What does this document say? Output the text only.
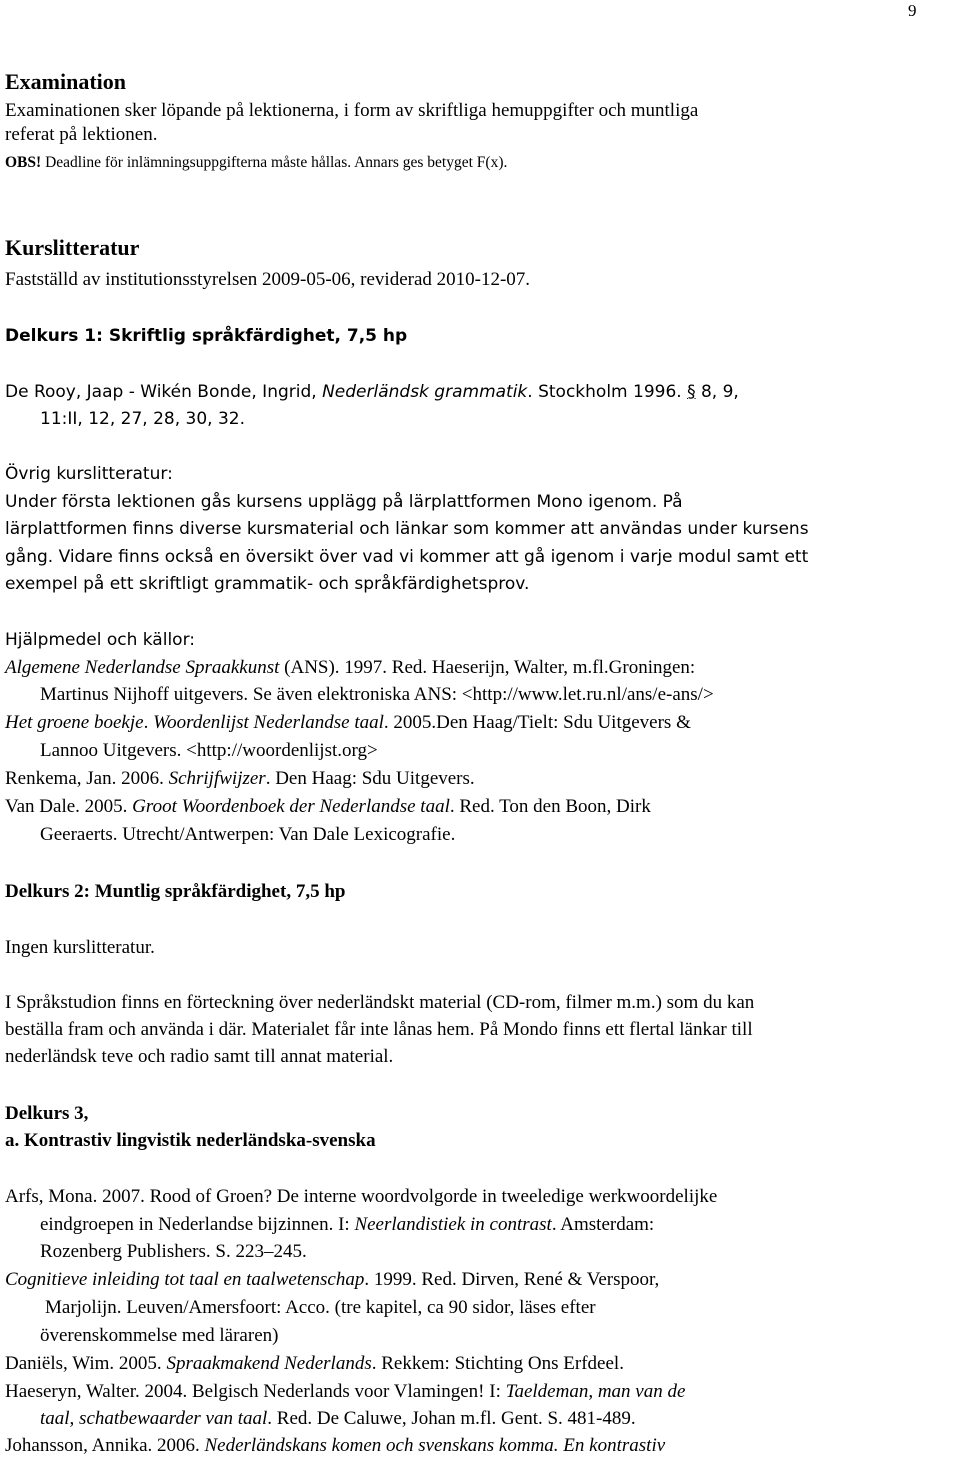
9
Examination
Examinationen sker löpande på lektionerna, i form av skriftliga hemuppgifter och muntliga
referat på lektionen.
OBS! Deadline för inlämningsuppgifterna måste hållas. Annars ges betyget F(x).
Kurslitteratur
Fastställd av institutionsstyrelsen 2009-05-06, reviderad 2010-12-07.
Delkurs 1: Skriftlig språkfärdighet, 7,5 hp
De Rooy, Jaap - Wikén Bonde, Ingrid, Nederländsk grammatik. Stockholm 1996. § 8, 9,
11:II, 12, 27, 28, 30, 32.
Övrig kurslitteratur:
Under första lektionen gås kursens upplägg på lärplattformen Mono igenom. På
lärplattformen finns diverse kursmaterial och länkar som kommer att användas under kursens
gång. Vidare finns också en översikt över vad vi kommer att gå igenom i varje modul samt ett
exempel på ett skriftligt grammatik- och språkfärdighetsprov.
Hjälpmedel och källor:
Algemene Nederlandse Spraakkunst (ANS). 1997. Red. Haeserijn, Walter, m.fl.Groningen:
Martinus Nijhoff uitgevers. Se även elektroniska ANS: <http://www.let.ru.nl/ans/e-ans/>
Het groene boekje. Woordenlijst Nederlandse taal. 2005.Den Haag/Tielt: Sdu Uitgevers &
Lannoo Uitgevers. <http://woordenlijst.org>
Renkema, Jan. 2006. Schrijfwijzer. Den Haag: Sdu Uitgevers.
Van Dale. 2005. Groot Woordenboek der Nederlandse taal. Red. Ton den Boon, Dirk
Geeraerts. Utrecht/Antwerpen: Van Dale Lexicografie.
Delkurs 2: Muntlig språkfärdighet, 7,5 hp
Ingen kurslitteratur.
I Språkstudion finns en förteckning över nederländskt material (CD-rom, filmer m.m.) som du kan
beställa fram och använda i där. Materialet får inte lånas hem. På Mondo finns ett flertal länkar till
nederländsk teve och radio samt till annat material.
Delkurs 3,
a. Kontrastiv lingvistik nederländska-svenska
Arfs, Mona. 2007. Rood of Groen? De interne woordvolgorde in tweeledige werkwoordelijke
eindgroepen in Nederlandse bijzinnen. I: Neerlandistiek in contrast. Amsterdam:
Rozenberg Publishers. S. 223–245.
Cognitieve inleiding tot taal en taalwetenschap. 1999. Red. Dirven, René & Verspoor,
Marjolijn. Leuven/Amersfoort: Acco. (tre kapitel, ca 90 sidor, läses efter
överenskommelse med läraren)
Daniëls, Wim. 2005. Spraakmakend Nederlands. Rekkem: Stichting Ons Erfdeel.
Haeseryn, Walter. 2004. Belgisch Nederlands voor Vlamingen! I: Taeldeman, man van de
taal, schatbewaarder van taal. Red. De Caluwe, Johan m.fl. Gent. S. 481-489.
Johansson, Annika. 2006. Nederländskans komen och svenskans komma. En kontrastiv
